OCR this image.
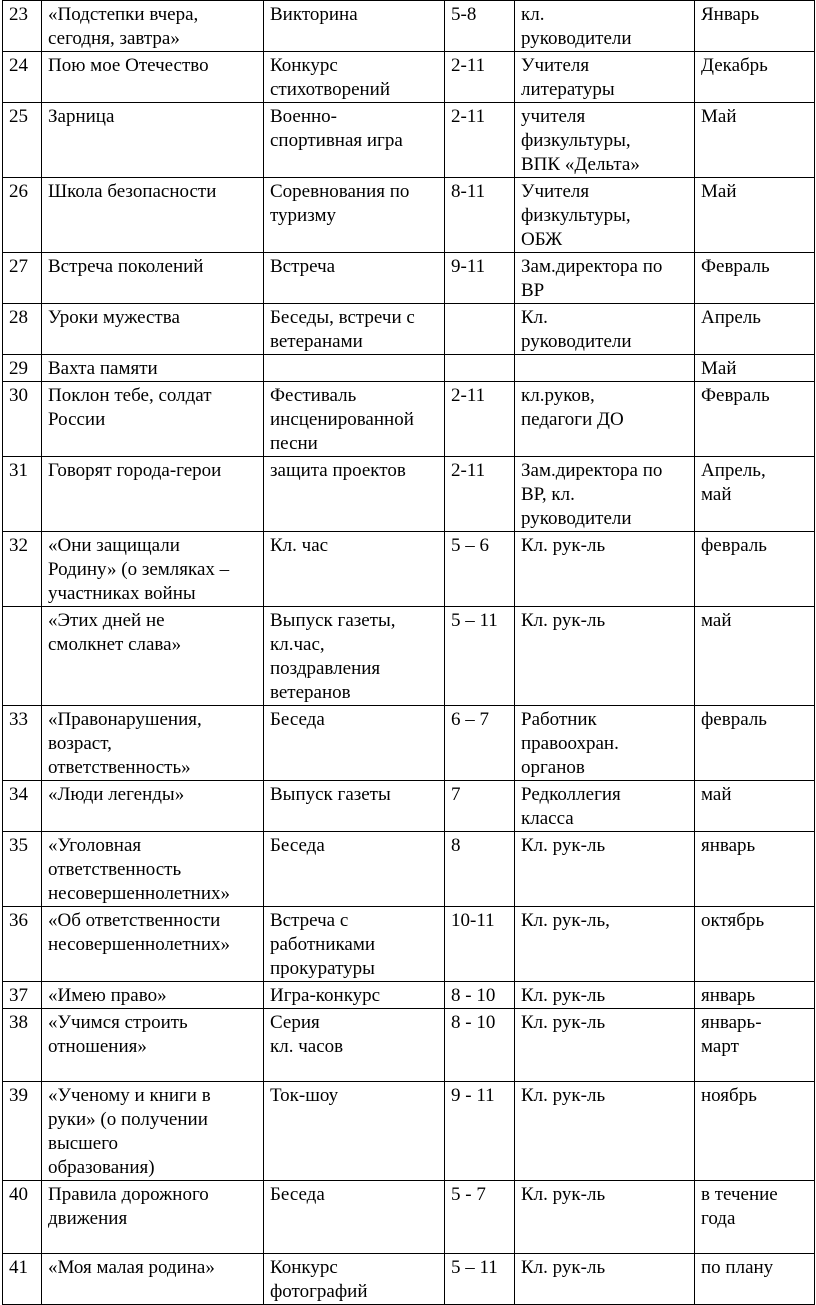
23	«Подстепки вчера,
сегодня, завтра»	Викторина	5-8	кл.
руководители	Январь

24	Пою мое Отечество	Конкурс
стихотворений	2-11	Учителя
литературы	Декабрь

25	Зарница	Военно-
спортивная игра	2-11	учителя
физкультуры,
ВПК «Дельта»	Май

26	Школа безопасности	Соревнования по
туризму	8-11	Учителя
физкультуры,
ОБЖ	Май

27	Встреча поколений	Встреча	9-11	Зам.директора по
ВР	Февраль

28	Уроки мужества	Беседы, встречи с
ветеранами		Кл.
руководители	Апрель

29	Вахта памяти				Май

30	Поклон тебе, солдат
России	Фестиваль
инсценированной
песни	2-11	кл.руков,
педагоги ДО	Февраль

31	Говорят города-герои	защита проектов	2-11	Зам.директора по
ВР, кл.
руководители	Апрель,
май

32	«Они защищали
Родину» (о земляках –
участниках войны	Кл. час	5 – 6	Кл. рук-ль	февраль

	«Этих дней не
смолкнет слава»	Выпуск газеты,
кл.час,
поздравления
ветеранов	5 – 11	Кл. рук-ль	май

33	«Правонарушения,
возраст,
ответственность»	Беседа	6 – 7	Работник
правоохран.
органов	февраль

34	«Люди легенды»	Выпуск газеты	7	Редколлегия
класса	май

35	«Уголовная
ответственность
несовершеннолетних»	Беседа	8	Кл. рук-ль	январь

36	«Об ответственности
несовершеннолетних»	Встреча с
работниками
прокуратуры	10-11	Кл. рук-ль,	октябрь

37	«Имею право»	Игра-конкурс	8 - 10	Кл. рук-ль	январь

38	«Учимся строить
отношения»	Серия
кл. часов	8 - 10	Кл. рук-ль	январь-
март

39	«Ученому и книги в
руки» (о получении
высшего
образования)	Ток-шоу	9 - 11	Кл. рук-ль	ноябрь

40	Правила дорожного
движения	Беседа	5 - 7	Кл. рук-ль	в течение
года

41	«Моя малая родина»	Конкурс
фотографий	5 – 11	Кл. рук-ль	по плану
